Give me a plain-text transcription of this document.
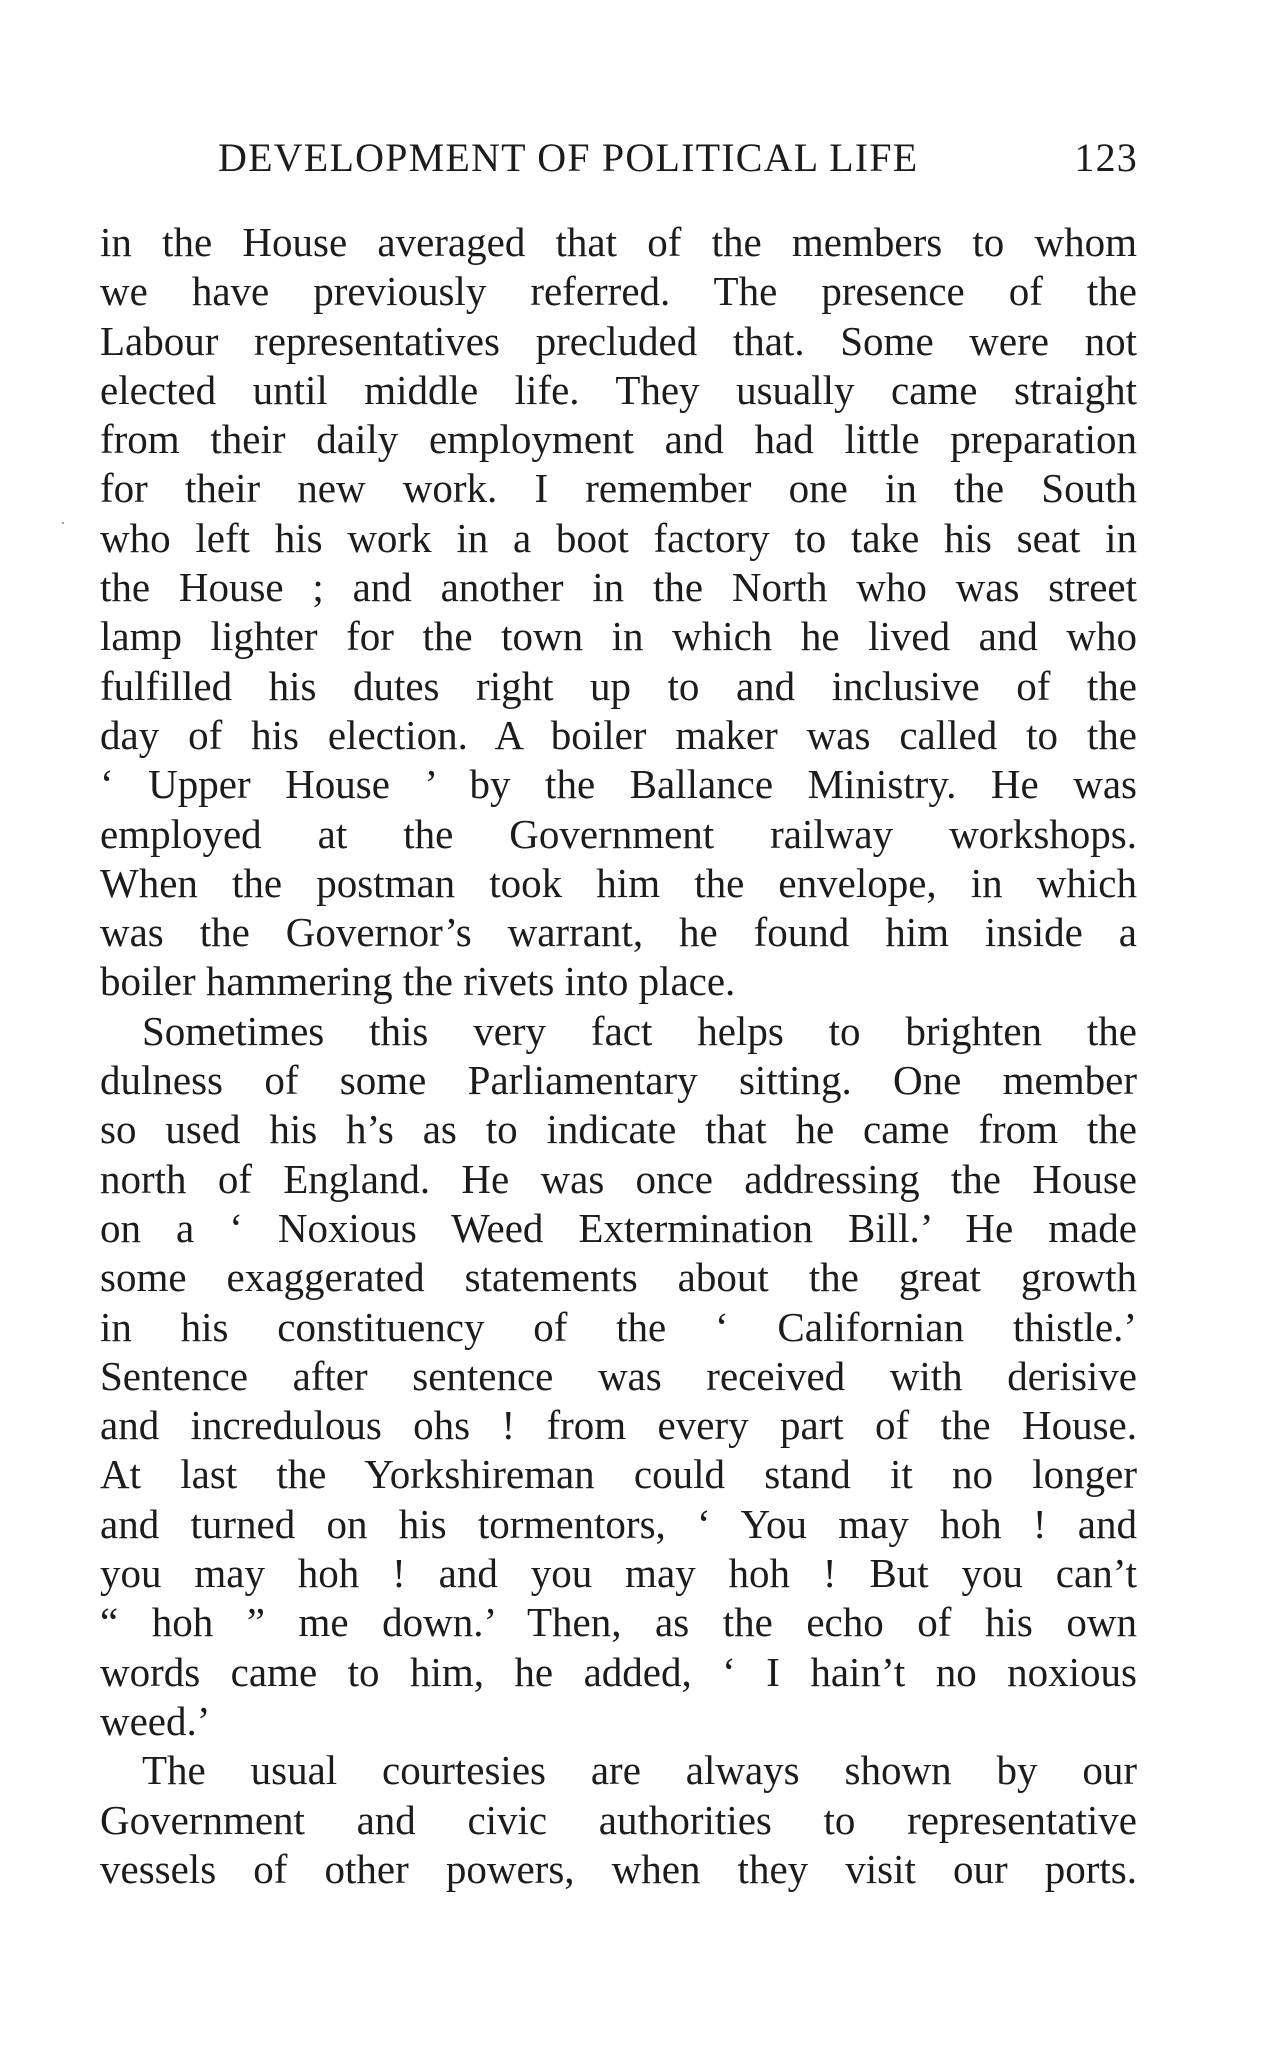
DEVELOPMENT OF POLITICAL LIFE	123
in the House averaged that of the members to whom
we have previously referred. The presence of the
Labour representatives precluded that. Some were not
elected until middle life. They usually came straight
from their daily employment and had little preparation
for their new work. I remember one in the South
who left his work in a boot factory to take his seat in
the House ; and another in the North who was street
lamp lighter for the town in which he lived and who
fulfilled his dutes right up to and inclusive of the
day of his election. A boiler maker was called to the
‘ Upper House ’ by the Ballance Ministry. He was
employed at the Government railway workshops.
When the postman took him the envelope, in which
was the Governor’s warrant, he found him inside a
boiler hammering the rivets into place.
Sometimes this very fact helps to brighten the
dulness of some Parliamentary sitting. One member
so used his h’s as to indicate that he came from the
north of England. He was once addressing the House
on a ‘ Noxious Weed Extermination Bill.’ He made
some exaggerated statements about the great growth
in his constituency of the ‘ Californian thistle.’
Sentence after sentence was received with derisive
and incredulous ohs ! from every part of the House.
At last the Yorkshireman could stand it no longer
and turned on his tormentors, ‘ You may hoh ! and
you may hoh ! and you may hoh ! But you can’t
“ hoh ” me down.’ Then, as the echo of his own
words came to him, he added, ‘ I hain’t no noxious
weed.’
The usual courtesies are always shown by our
Government and civic authorities to representative
vessels of other powers, when they visit our ports.
